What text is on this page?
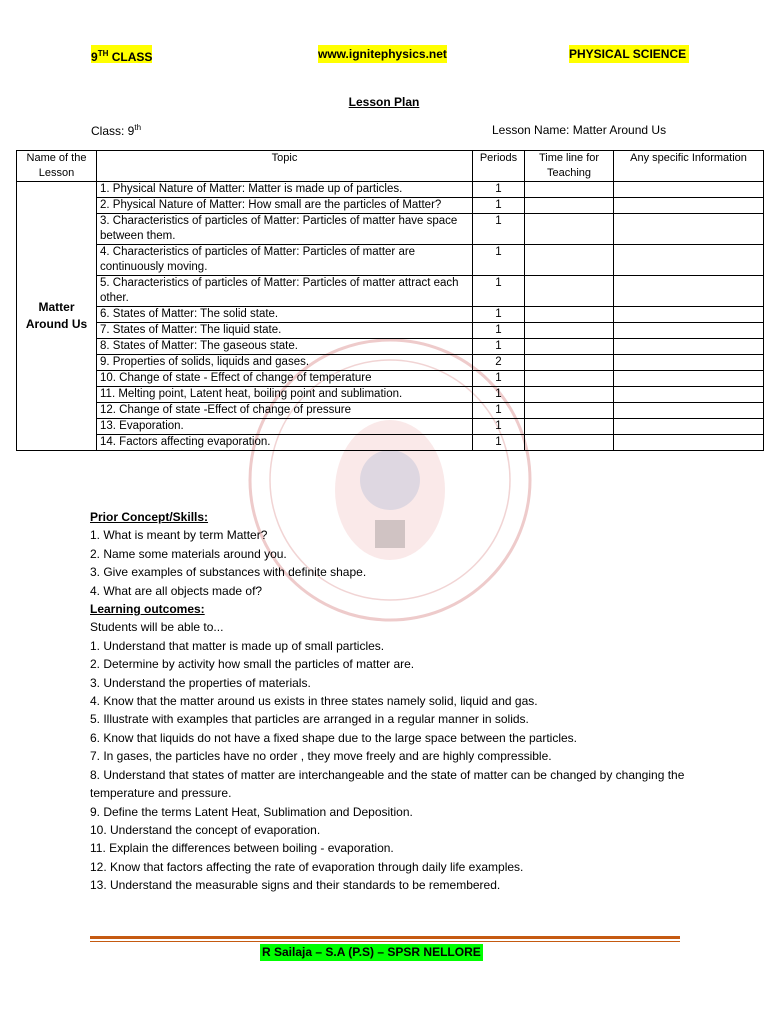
9TH CLASS	www.ignitephysics.net	PHYSICAL SCIENCE
Lesson Plan
Class: 9th	Lesson Name: Matter Around Us
Name of the Lesson	Topic	Periods	Time line for Teaching	Any specific Information
Matter Around Us	1. Physical Nature of Matter: Matter is made up of particles.	1		
	2. Physical Nature of Matter: How small are the particles of Matter?	1		
	3. Characteristics of particles of Matter: Particles of matter have space between them.	1		
	4. Characteristics of particles of Matter: Particles of matter are continuously moving.	1		
	5. Characteristics of particles of Matter: Particles of matter attract each other.	1		
	6. States of Matter: The solid state.	1		
	7. States of Matter: The liquid state.	1		
	8. States of Matter: The gaseous state.	1		
	9. Properties of solids, liquids and gases.	2		
	10. Change of state - Effect of change of temperature	1		
	11. Melting point, Latent heat, boiling point and sublimation.	1		
	12. Change of state -Effect of change of pressure	1		
	13. Evaporation.	1		
	14. Factors affecting evaporation.	1		
Prior Concept/Skills:
1. What is meant by term Matter?
2. Name some materials around you.
3. Give examples of substances with definite shape.
4. What are all objects made of?
Learning outcomes:
Students will be able to...
1. Understand that matter is made up of small particles.
2. Determine by activity how small the particles of matter are.
3. Understand the properties of materials.
4. Know that the matter around us exists in three states namely solid, liquid and gas.
5. Illustrate with examples that particles are arranged in a regular manner in solids.
6. Know that liquids do not have a fixed shape due to the large space between the particles.
7. In gases, the particles have no order , they move freely and are highly compressible.
8. Understand that states of matter are interchangeable and the state of matter can be changed by changing the temperature and pressure.
9. Define the terms Latent Heat, Sublimation and Deposition.
10. Understand the concept of evaporation.
11. Explain the differences between boiling - evaporation.
12. Know that factors affecting the rate of evaporation through daily life examples.
13. Understand the measurable signs and their standards to be remembered.
R Sailaja – S.A (P.S) – SPSR NELLORE
